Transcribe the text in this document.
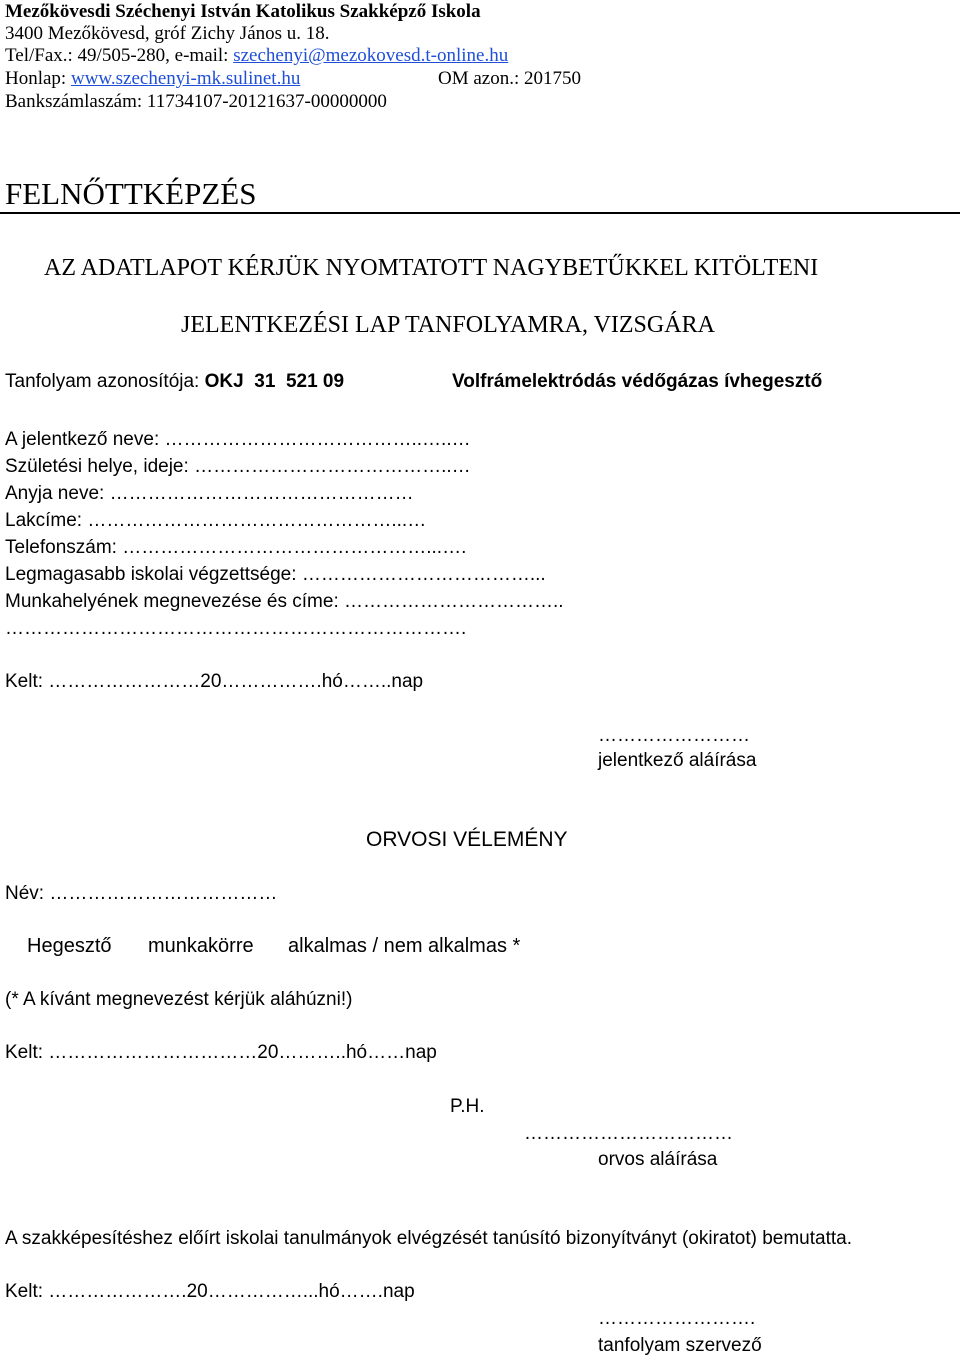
Mezőkövesdi Széchenyi István Katolikus Szakképző Iskola
3400 Mezőkövesd, gróf Zichy János u. 18.
Tel/Fax.: 49/505-280, e-mail: szechenyi@mezokovesd.t-online.hu
Honlap: www.szechenyi-mk.sulinet.hu	OM azon.: 201750
Bankszámlaszám: 11734107-20121637-00000000
FELNŐTTKÉPZÉS
AZ ADATLAPOT KÉRJÜK NYOMTATOTT NAGYBETŰKKEL KITÖLTENI
JELENTKEZÉSI LAP TANFOLYAMRA, VIZSGÁRA
Tanfolyam azonosítója: OKJ  31  521 09	Volfrámelektródás védőgázas ívhegesztő
A jelentkező neve: …………………………………..…..…
Születési helye, ideje: …………………………………..…
Anyja neve: …………………………………………
Lakcíme: …………………………………………...…
Telefonszám: …………………………………………...….
Legmagasabb iskolai végzettsége: ………………………………...
Munkahelyének megnevezése és címe: ……………………………..
……………………………………………………………….
Kelt: ……………………20…………….hó……..nap
……………………
jelentkező aláírása
ORVOSI VÉLEMÉNY
Név: ………………………………
Hegesztő munkakörre alkalmas / nem alkalmas *
(* A kívánt megnevezést kérjük aláhúzni!)
Kelt: ……………………………20………..hó……nap
P.H.
……………………………
orvos aláírása
A szakképesítéshez előírt iskolai tanulmányok elvégzését tanúsító bizonyítványt (okiratot) bemutatta.
Kelt: ………………….20……………...hó…….nap
…………………….
tanfolyam szervező
